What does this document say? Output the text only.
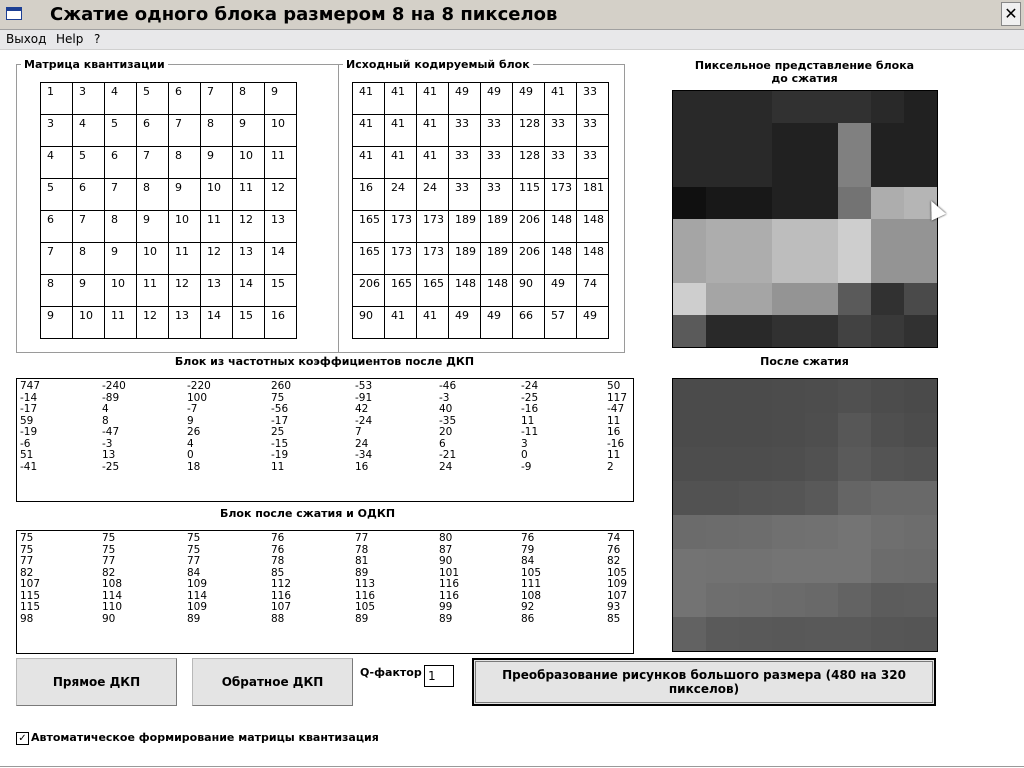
Сжатие одного блока размером 8 на 8 пикселов	✕
Выход Help ?
Матрица квантизации
1	3	4	5	6	7	8	9

3	4	5	6	7	8	9	10

4	5	6	7	8	9	10	11

5	6	7	8	9	10	11	12

6	7	8	9	10	11	12	13

7	8	9	10	11	12	13	14

8	9	10	11	12	13	14	15

9	10	11	12	13	14	15	16
Исходный кодируемый блок
41	41	41	49	49	49	41	33

41	41	41	33	33	128	33	33

41	41	41	33	33	128	33	33

16	24	24	33	33	115	173	181

165	173	173	189	189	206	148	148

165	173	173	189	189	206	148	148

206	165	165	148	148	90	49	74

90	41	41	49	49	66	57	49
Пиксельное представление блока
до сжатия
После сжатия
Блок из частотных коэффициентов после ДКП
747	-240	-220	260	-53	-46	-24	50
-14	-89	100	75	-91	-3	-25	117
-17	4	-7	-56	42	40	-16	-47
59	8	9	-17	-24	-35	11	11
-19	-47	26	25	7	20	-11	16
-6	-3	4	-15	24	6	3	-16
51	13	0	-19	-34	-21	0	11
-41	-25	18	11	16	24	-9	2
Блок после сжатия и ОДКП
75	75	75	76	77	80	76	74
75	75	75	76	78	87	79	76
77	77	77	78	81	90	84	82
82	82	84	85	89	101	105	105
107	108	109	112	113	116	111	109
115	114	114	116	116	116	108	107
115	110	109	107	105	99	92	93
98	90	89	88	89	89	86	85
Прямое ДКП	Обратное ДКП
Q-фактор
1	Преобразование рисунков большого размера (480 на 320 пикселов)
✓ Автоматическое формирование матрицы квантизация
